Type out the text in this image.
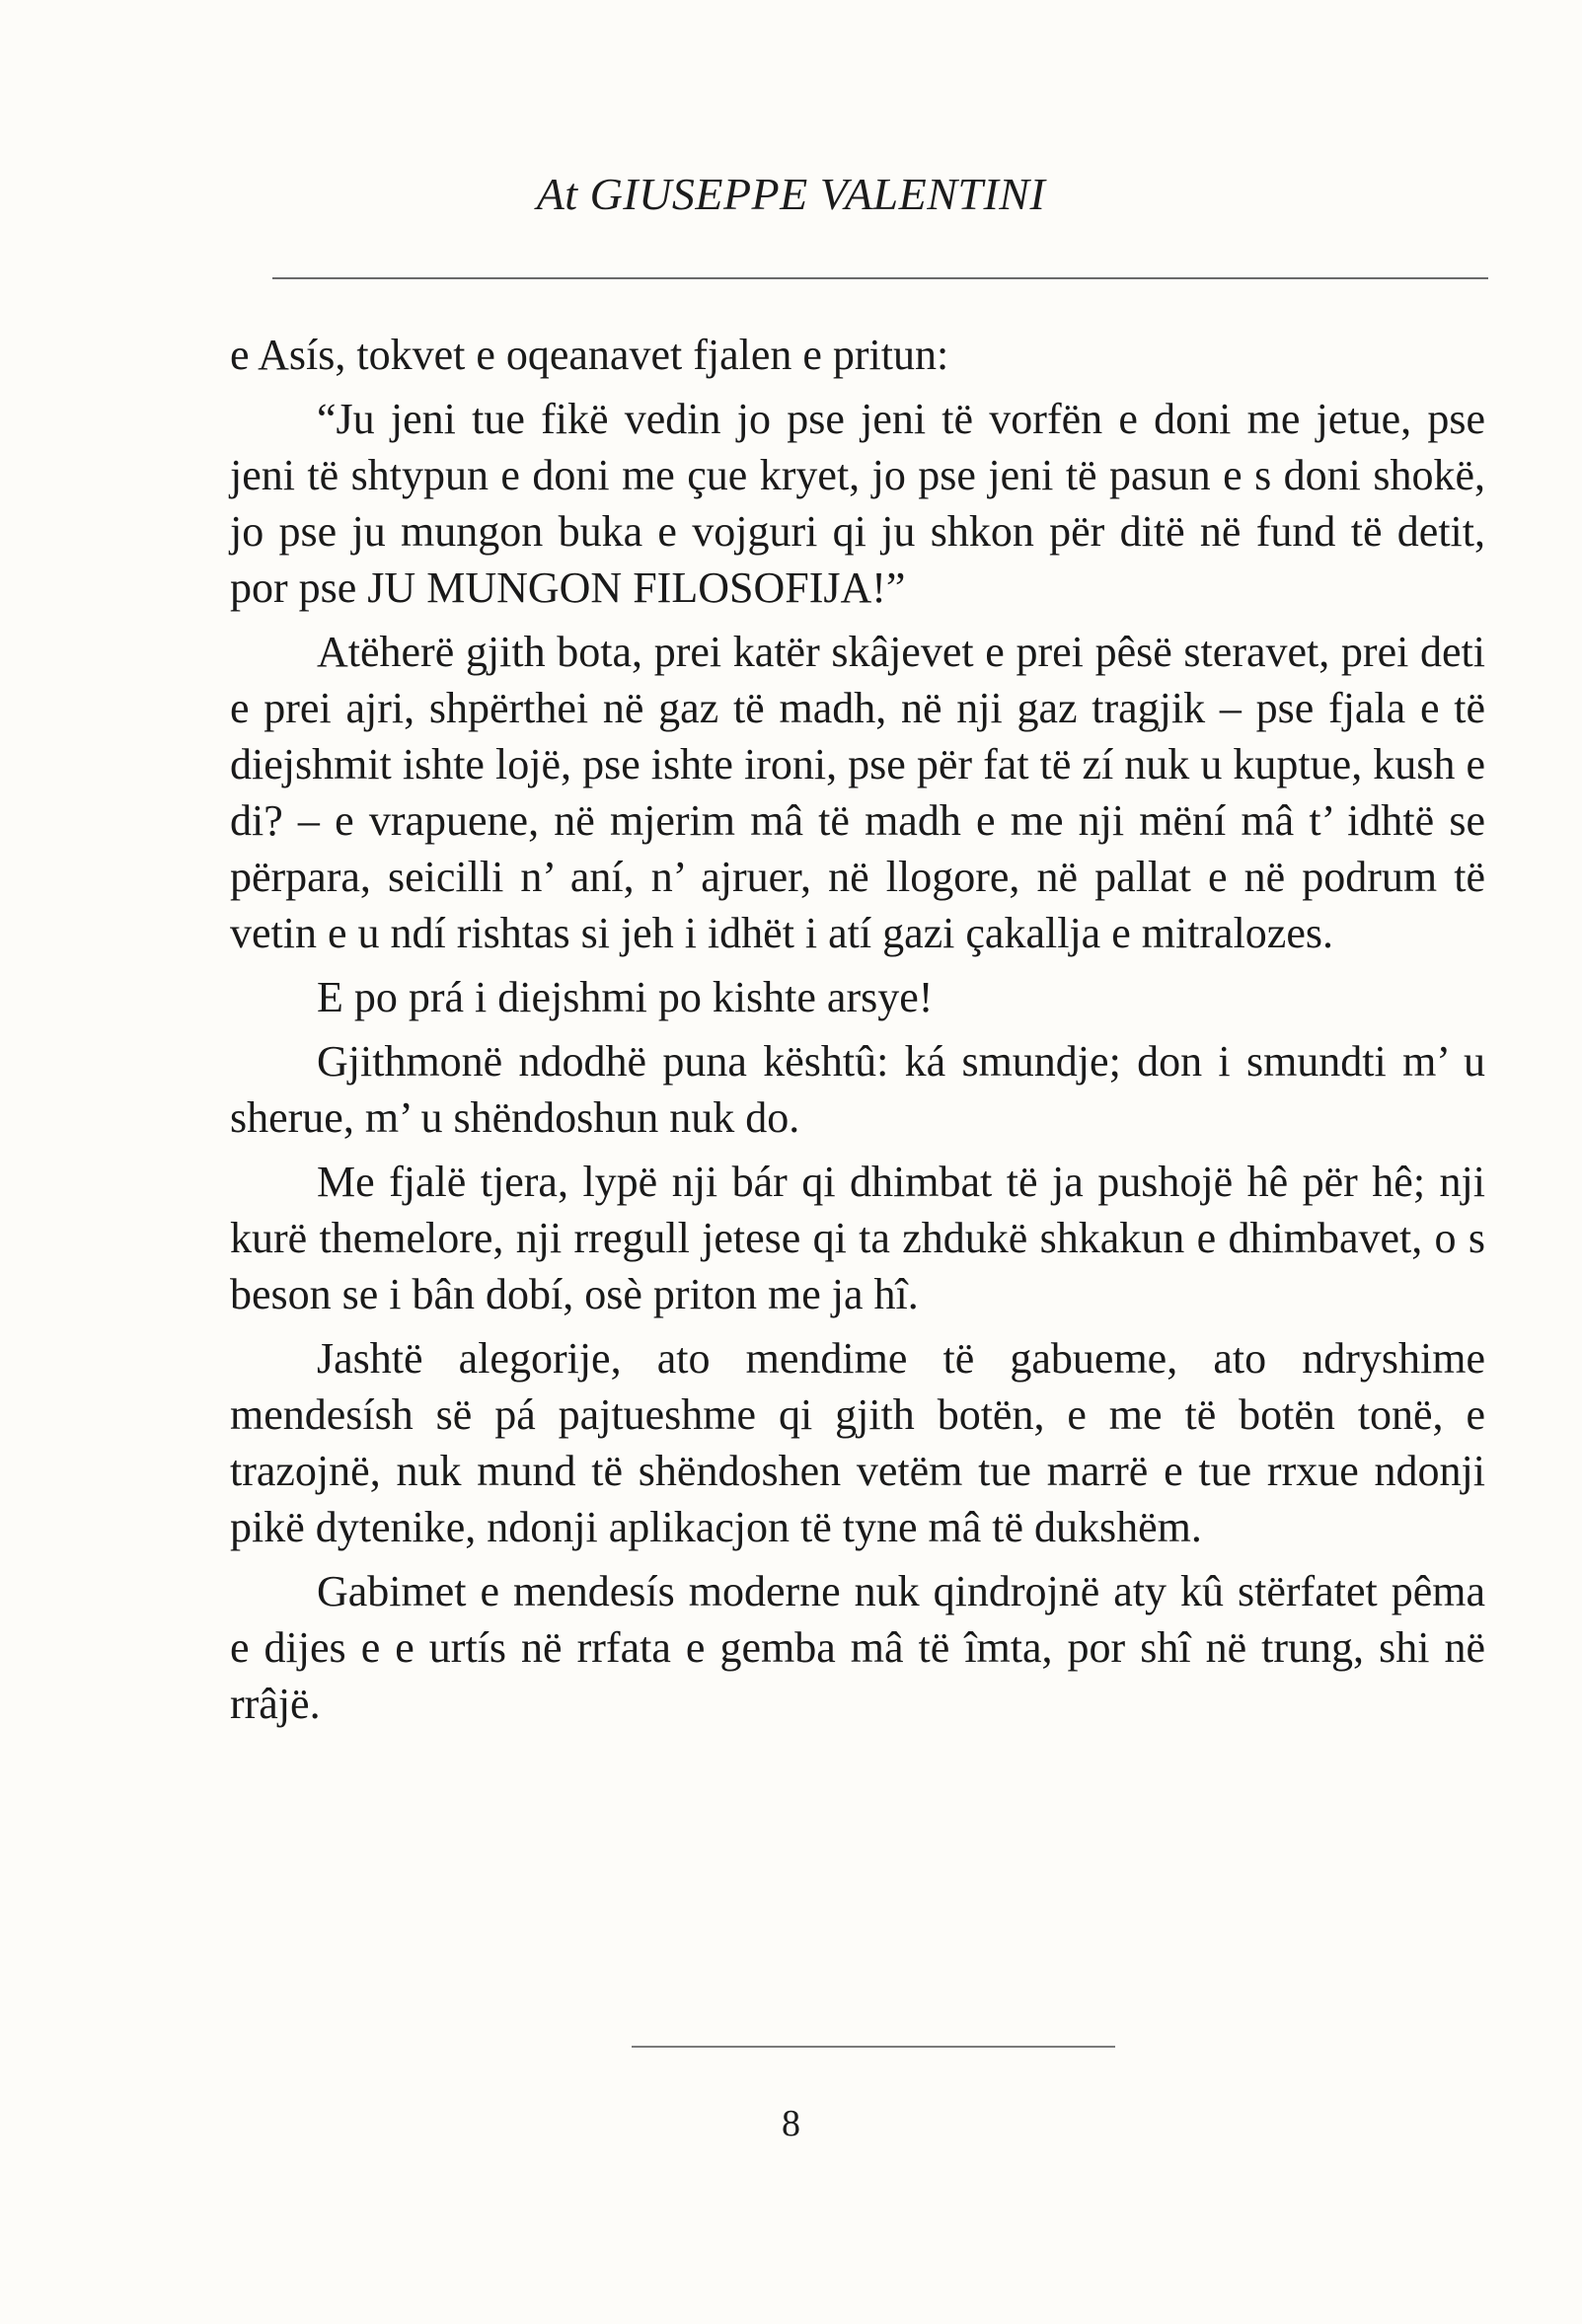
At GIUSEPPE VALENTINI

e Asís, tokvet e oqeanavet fjalen e pritun:

“Ju jeni tue fikë vedin jo pse jeni të vorfën e doni me jetue, pse jeni të shtypun e doni me çue kryet, jo pse jeni të pasun e s doni shokë, jo pse ju mungon buka e vojguri qi ju shkon për ditë në fund të detit, por pse JU MUNGON FILOSOFIJA!”

Atëherë gjith bota, prei katër skâjevet e prei pêsë steravet, prei deti e prei ajri, shpërthei në gaz të madh, në nji gaz tragjik – pse fjala e të diejshmit ishte lojë, pse ishte ironi, pse për fat të zí nuk u kuptue, kush e di? – e vrapuene, në mjerim mâ të madh e me nji mëní mâ t’ idhtë se përpara, seicilli n’ aní, n’ ajruer, në llogore, në pallat e në podrum të vetin e u ndí rishtas si jeh i idhët i atí gazi çakallja e mitralozes.

E po prá i diejshmi po kishte arsye!

Gjithmonë ndodhë puna kështû: ká smundje; don i smundti m’ u sherue, m’ u shëndoshun nuk do.

Me fjalë tjera, lypë nji bár qi dhimbat të ja pushojë hê për hê; nji kurë themelore, nji rregull jetese qi ta zhdukë shkakun e dhimbavet, o s beson se i bân dobí, osè priton me ja hî.

Jashtë alegorije, ato mendime të gabueme, ato ndryshime mendesísh së pá pajtueshme qi gjith botën, e me të botën tonë, e trazojnë, nuk mund të shëndoshen vetëm tue marrë e tue rrxue ndonji pikë dytenike, ndonji aplikacjon të tyne mâ të dukshëm.

Gabimet e mendesís moderne nuk qindrojnë aty kû stërfatet pêma e dijes e e urtís në rrfata e gemba mâ të îmta, por shî në trung, shi në rrâjë.

8
